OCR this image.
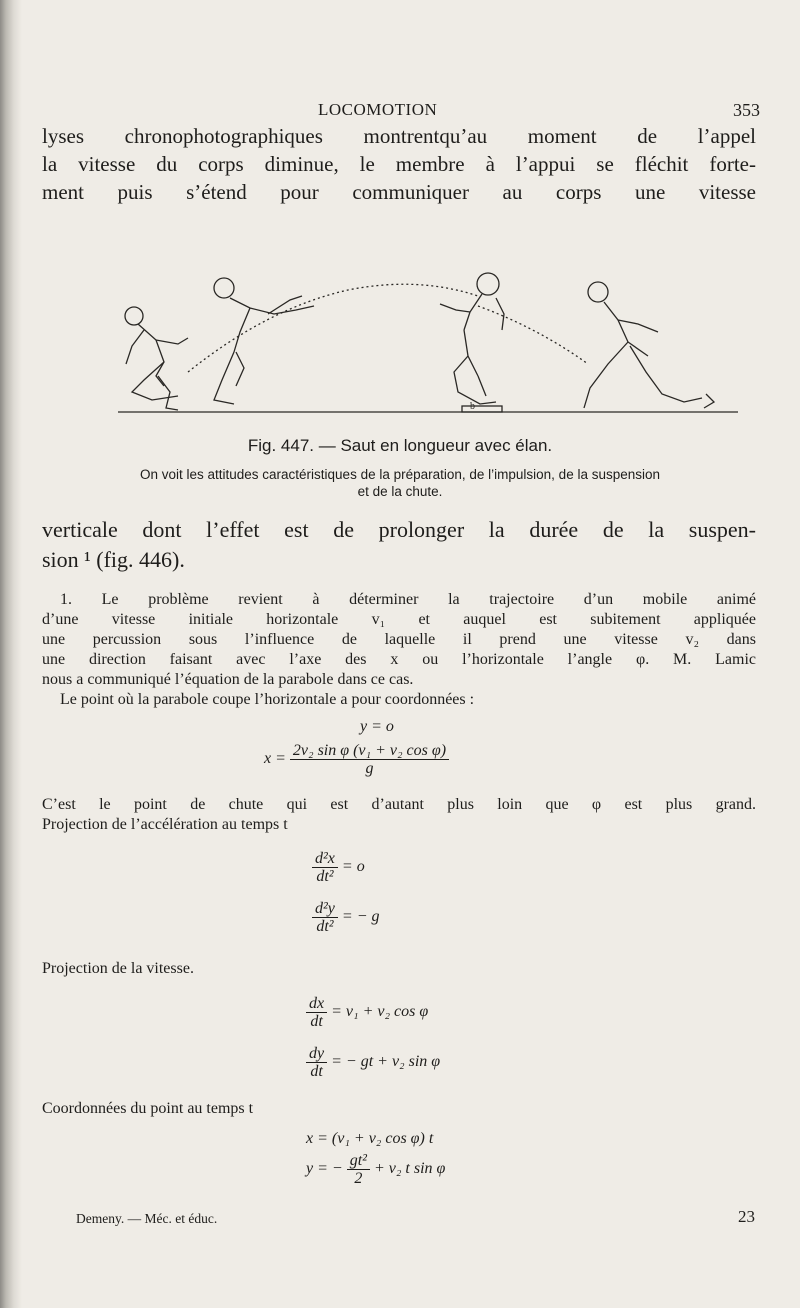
LOCOMOTION	353
lyses chronophotographiques montrentqu’au moment de l’appel
la vitesse du corps diminue, le membre à l’appui se fléchit forte-
ment puis s’étend pour communiquer au corps une vitesse
b
Fig. 447. — Saut en longueur avec élan.
On voit les attitudes caractéristiques de la préparation, de l’impulsion, de la suspension
et de la chute.
verticale dont l’effet est de prolonger la durée de la suspen-
sion ¹ (fig. 446).
1. Le problème revient à déterminer la trajectoire d’un mobile animé
d’une vitesse initiale horizontale v₁ et auquel est subitement appliquée
une percussion sous l’influence de laquelle il prend une vitesse v₂ dans
une direction faisant avec l’axe des x ou l’horizontale l’angle φ. M. Lamic
nous a communiqué l’équation de la parabole dans ce cas.
Le point où la parabole coupe l’horizontale a pour coordonnées :
y = o
$x = \frac{\text{2v₂ sin φ (v₁ + v₂ cos φ)}}{g}$
C’est le point de chute qui est d’autant plus loin que φ est plus grand.
Projection de l’accélération au temps t
$\frac{\text{d²x}}{\text{dt²}} = o$
$\frac{\text{d²y}}{\text{dt²}}$ = − g
Projection de la vitesse.
$\frac{dx}{dt} = v_1 + v_2$ cos φ
$\frac{dy}{dt}$ = − gt + v₂ sin φ
Coordonnées du point au temps t
x = (v₁ + v₂ cos φ) t
y = − $\frac{\text{gt²}}{2} + v_2$ t sin φ
Demeny. — Méc. et éduc.	23
